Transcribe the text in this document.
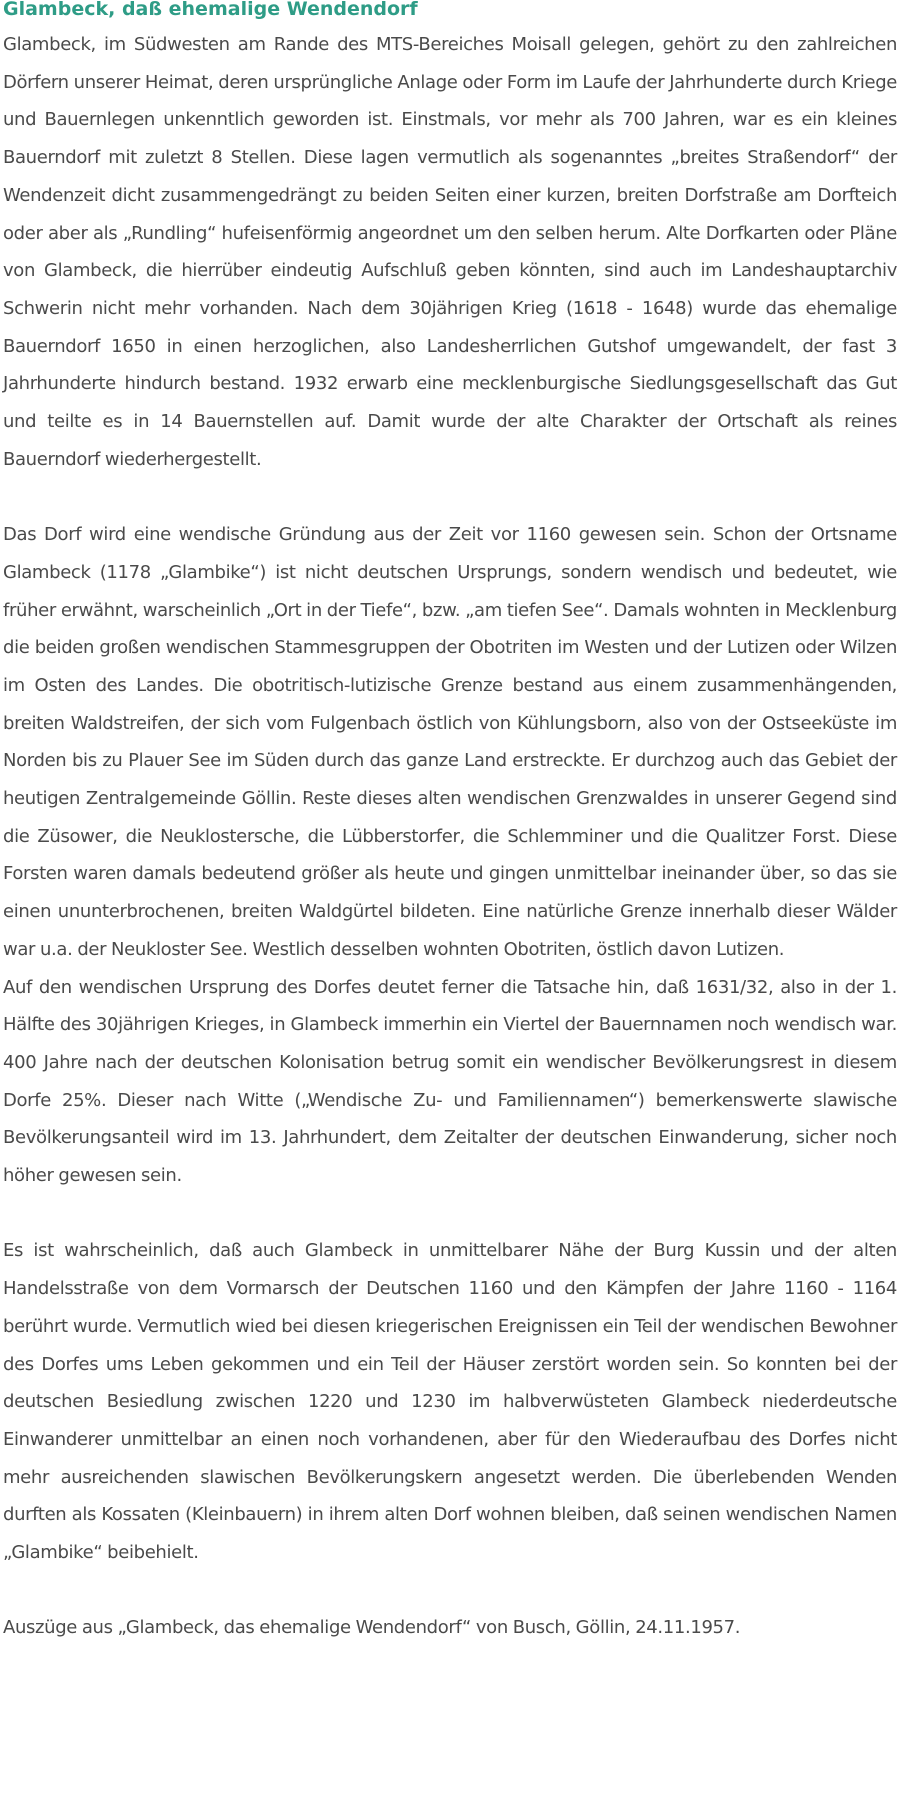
Glambeck, daß ehemalige Wendendorf

Glambeck, im Südwesten am Rande des MTS-Bereiches Moisall gelegen, gehört zu den zahlreichen Dörfern unserer Heimat, deren ursprüngliche Anlage oder Form im Laufe der Jahrhunderte durch Kriege und Bauernlegen unkenntlich geworden ist. Einstmals, vor mehr als 700 Jahren, war es ein kleines Bauerndorf mit zuletzt 8 Stellen. Diese lagen vermutlich als sogenanntes „breites Straßendorf“ der Wendenzeit dicht zusammengedrängt zu beiden Seiten einer kurzen, breiten Dorfstraße am Dorfteich oder aber als „Rundling“ hufeisenförmig angeordnet um den selben herum. Alte Dorfkarten oder Pläne von Glambeck, die hierrüber eindeutig Aufschluß geben könnten, sind auch im Landeshauptarchiv Schwerin nicht mehr vorhanden. Nach dem 30jährigen Krieg (1618 - 1648) wurde das ehemalige Bauerndorf 1650 in einen herzoglichen, also Landesherrlichen Gutshof umgewandelt, der fast 3 Jahrhunderte hindurch bestand. 1932 erwarb eine mecklenburgische Siedlungsgesellschaft das Gut und teilte es in 14 Bauernstellen auf. Damit wurde der alte Charakter der Ortschaft als reines Bauerndorf wiederhergestellt.

Das Dorf wird eine wendische Gründung aus der Zeit vor 1160 gewesen sein. Schon der Ortsname Glambeck (1178 „Glambike“) ist nicht deutschen Ursprungs, sondern wendisch und bedeutet, wie früher erwähnt, warscheinlich „Ort in der Tiefe“, bzw. „am tiefen See“. Damals wohnten in Mecklenburg die beiden großen wendischen Stammesgruppen der Obotriten im Westen und der Lutizen oder Wilzen im Osten des Landes. Die obotritisch-lutizische Grenze bestand aus einem zusammenhängenden, breiten Waldstreifen, der sich vom Fulgenbach östlich von Kühlungsborn, also von der Ostseeküste im Norden bis zu Plauer See im Süden durch das ganze Land erstreckte. Er durchzog auch das Gebiet der heutigen Zentralgemeinde Göllin. Reste dieses alten wendischen Grenzwaldes in unserer Gegend sind die Züsower, die Neuklostersche, die Lübberstorfer, die Schlemminer und die Qualitzer Forst. Diese Forsten waren damals bedeutend größer als heute und gingen unmittelbar ineinander über, so das sie einen ununterbrochenen, breiten Waldgürtel bildeten. Eine natürliche Grenze innerhalb dieser Wälder war u.a. der Neukloster See. Westlich desselben wohnten Obotriten, östlich davon Lutizen.

Auf den wendischen Ursprung des Dorfes deutet ferner die Tatsache hin, daß 1631/32, also in der 1. Hälfte des 30jährigen Krieges, in Glambeck immerhin ein Viertel der Bauernnamen noch wendisch war. 400 Jahre nach der deutschen Kolonisation betrug somit ein wendischer Bevölkerungsrest in diesem Dorfe 25%. Dieser nach Witte („Wendische Zu- und Familiennamen“) bemerkenswerte slawische Bevölkerungsanteil wird im 13. Jahrhundert, dem Zeitalter der deutschen Einwanderung, sicher noch höher gewesen sein.

Es ist wahrscheinlich, daß auch Glambeck in unmittelbarer Nähe der Burg Kussin und der alten Handelsstraße von dem Vormarsch der Deutschen 1160 und den Kämpfen der Jahre 1160 - 1164 berührt wurde. Vermutlich wied bei diesen kriegerischen Ereignissen ein Teil der wendischen Bewohner des Dorfes ums Leben gekommen und ein Teil der Häuser zerstört worden sein. So konnten bei der deutschen Besiedlung zwischen 1220 und 1230 im halbverwüsteten Glambeck niederdeutsche Einwanderer unmittelbar an einen noch vorhandenen, aber für den Wiederaufbau des Dorfes nicht mehr ausreichenden slawischen Bevölkerungskern angesetzt werden. Die überlebenden Wenden durften als Kossaten (Kleinbauern) in ihrem alten Dorf wohnen bleiben, daß seinen wendischen Namen „Glambike“ beibehielt.

Auszüge aus „Glambeck, das ehemalige Wendendorf“ von Busch, Göllin, 24.11.1957.
